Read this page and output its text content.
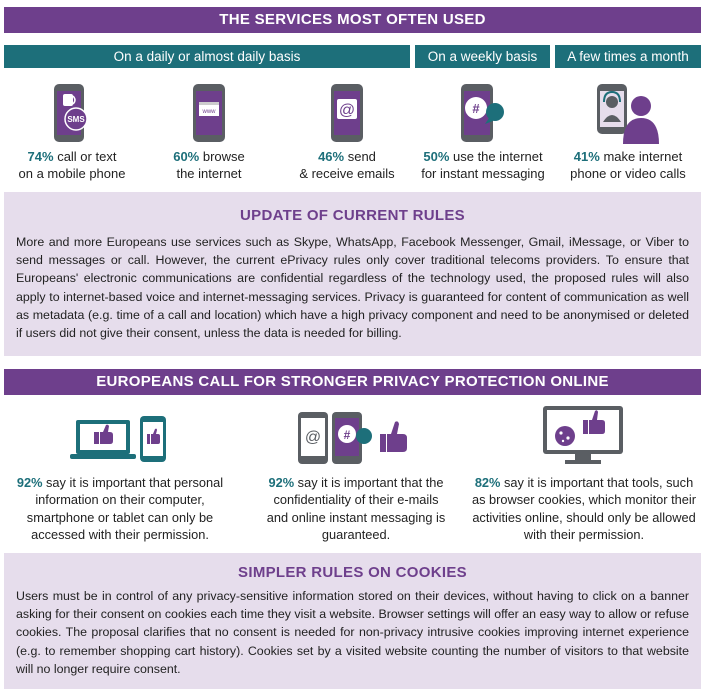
THE SERVICES MOST OFTEN USED
On a daily or almost daily basis	On a weekly basis	A few times a month
SMS
74% call or text
on a mobile phone
www
60% browse
the internet
@
46% send
& receive emails
#
50% use the internet
for instant messaging
41% make internet
phone or video calls
UPDATE OF CURRENT RULES

More and more Europeans use services such as Skype, WhatsApp, Facebook Messenger, Gmail, iMessage, or Viber to send messages or call. However, the current ePrivacy rules only cover traditional telecoms providers. To ensure that Europeans' electronic communications are confidential regardless of the technology used, the proposed rules will also apply to internet-based voice and internet-messaging services. Privacy is guaranteed for content of communication as well as metadata (e.g. time of a call and location) which have a high privacy component and need to be anonymised or deleted if users did not give their consent, unless the data is needed for billing.

EUROPEANS CALL FOR STRONGER PRIVACY PROTECTION ONLINE
92% say it is important that personal information on their computer, smartphone or tablet can only be accessed with their permission.
@ #
92% say it is important that the confidentiality of their e-mails and online instant messaging is guaranteed.
82% say it is important that tools, such as browser cookies, which monitor their activities online, should only be allowed with their permission.
SIMPLER RULES ON COOKIES

Users must be in control of any privacy-sensitive information stored on their devices, without having to click on a banner asking for their consent on cookies each time they visit a website. Browser settings will offer an easy way to allow or refuse cookies. The proposal clarifies that no consent is needed for non-privacy intrusive cookies improving internet experience (e.g. to remember shopping cart history). Cookies set by a visited website counting the number of visitors to that website will no longer require consent.
